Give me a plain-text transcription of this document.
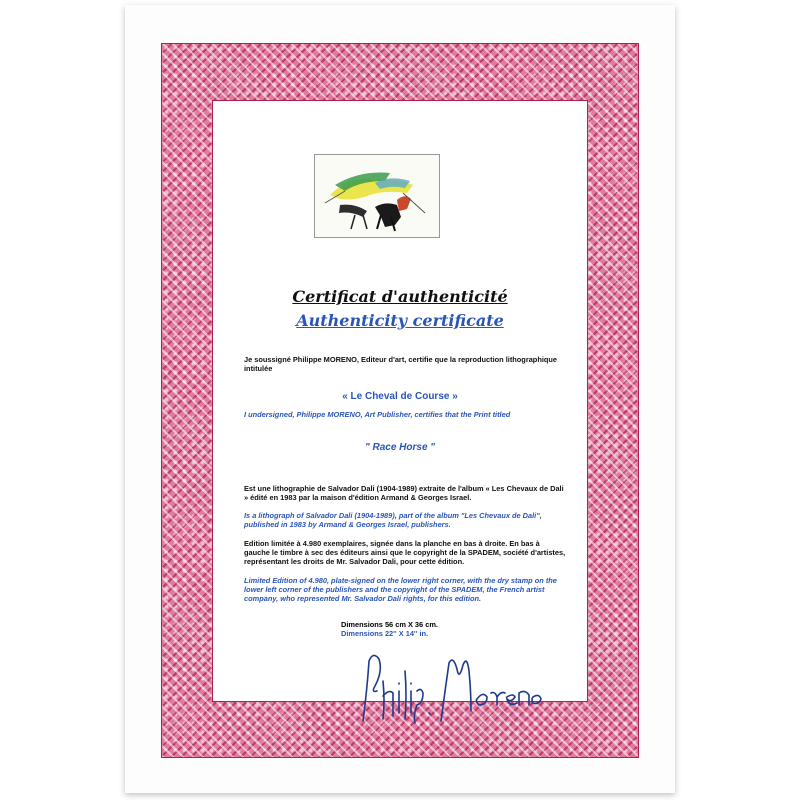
Certificat d'authenticité
Authenticity certificate
Je soussigné Philippe MORENO, Editeur d'art, certifie que la reproduction lithographique intitulée
« Le Cheval de Course »
I undersigned, Philippe MORENO, Art Publisher, certifies that the Print titled
" Race Horse "
Est une lithographie de Salvador Dali (1904-1989) extraite de l'album « Les Chevaux de Dali » édité en 1983 par la maison d'édition Armand & Georges Israel.
Is a lithograph of Salvador Dali (1904-1989), part of the album "Les Chevaux de Dali", published in 1983 by Armand & Georges Israel, publishers.
Edition limitée à 4.980 exemplaires, signée dans la planche en bas à droite. En bas à gauche le timbre à sec des éditeurs ainsi que le copyright de la SPADEM, société d'artistes, représentant les droits de Mr. Salvador Dali, pour cette édition.
Limited Edition of 4.980, plate-signed on the lower right corner, with the dry stamp on the lower left corner of the publishers and the copyright of the SPADEM, the French artist company, who represented Mr. Salvador Dali rights, for this edition.
Dimensions 56 cm X 36 cm.
Dimensions 22'' X 14'' in.
